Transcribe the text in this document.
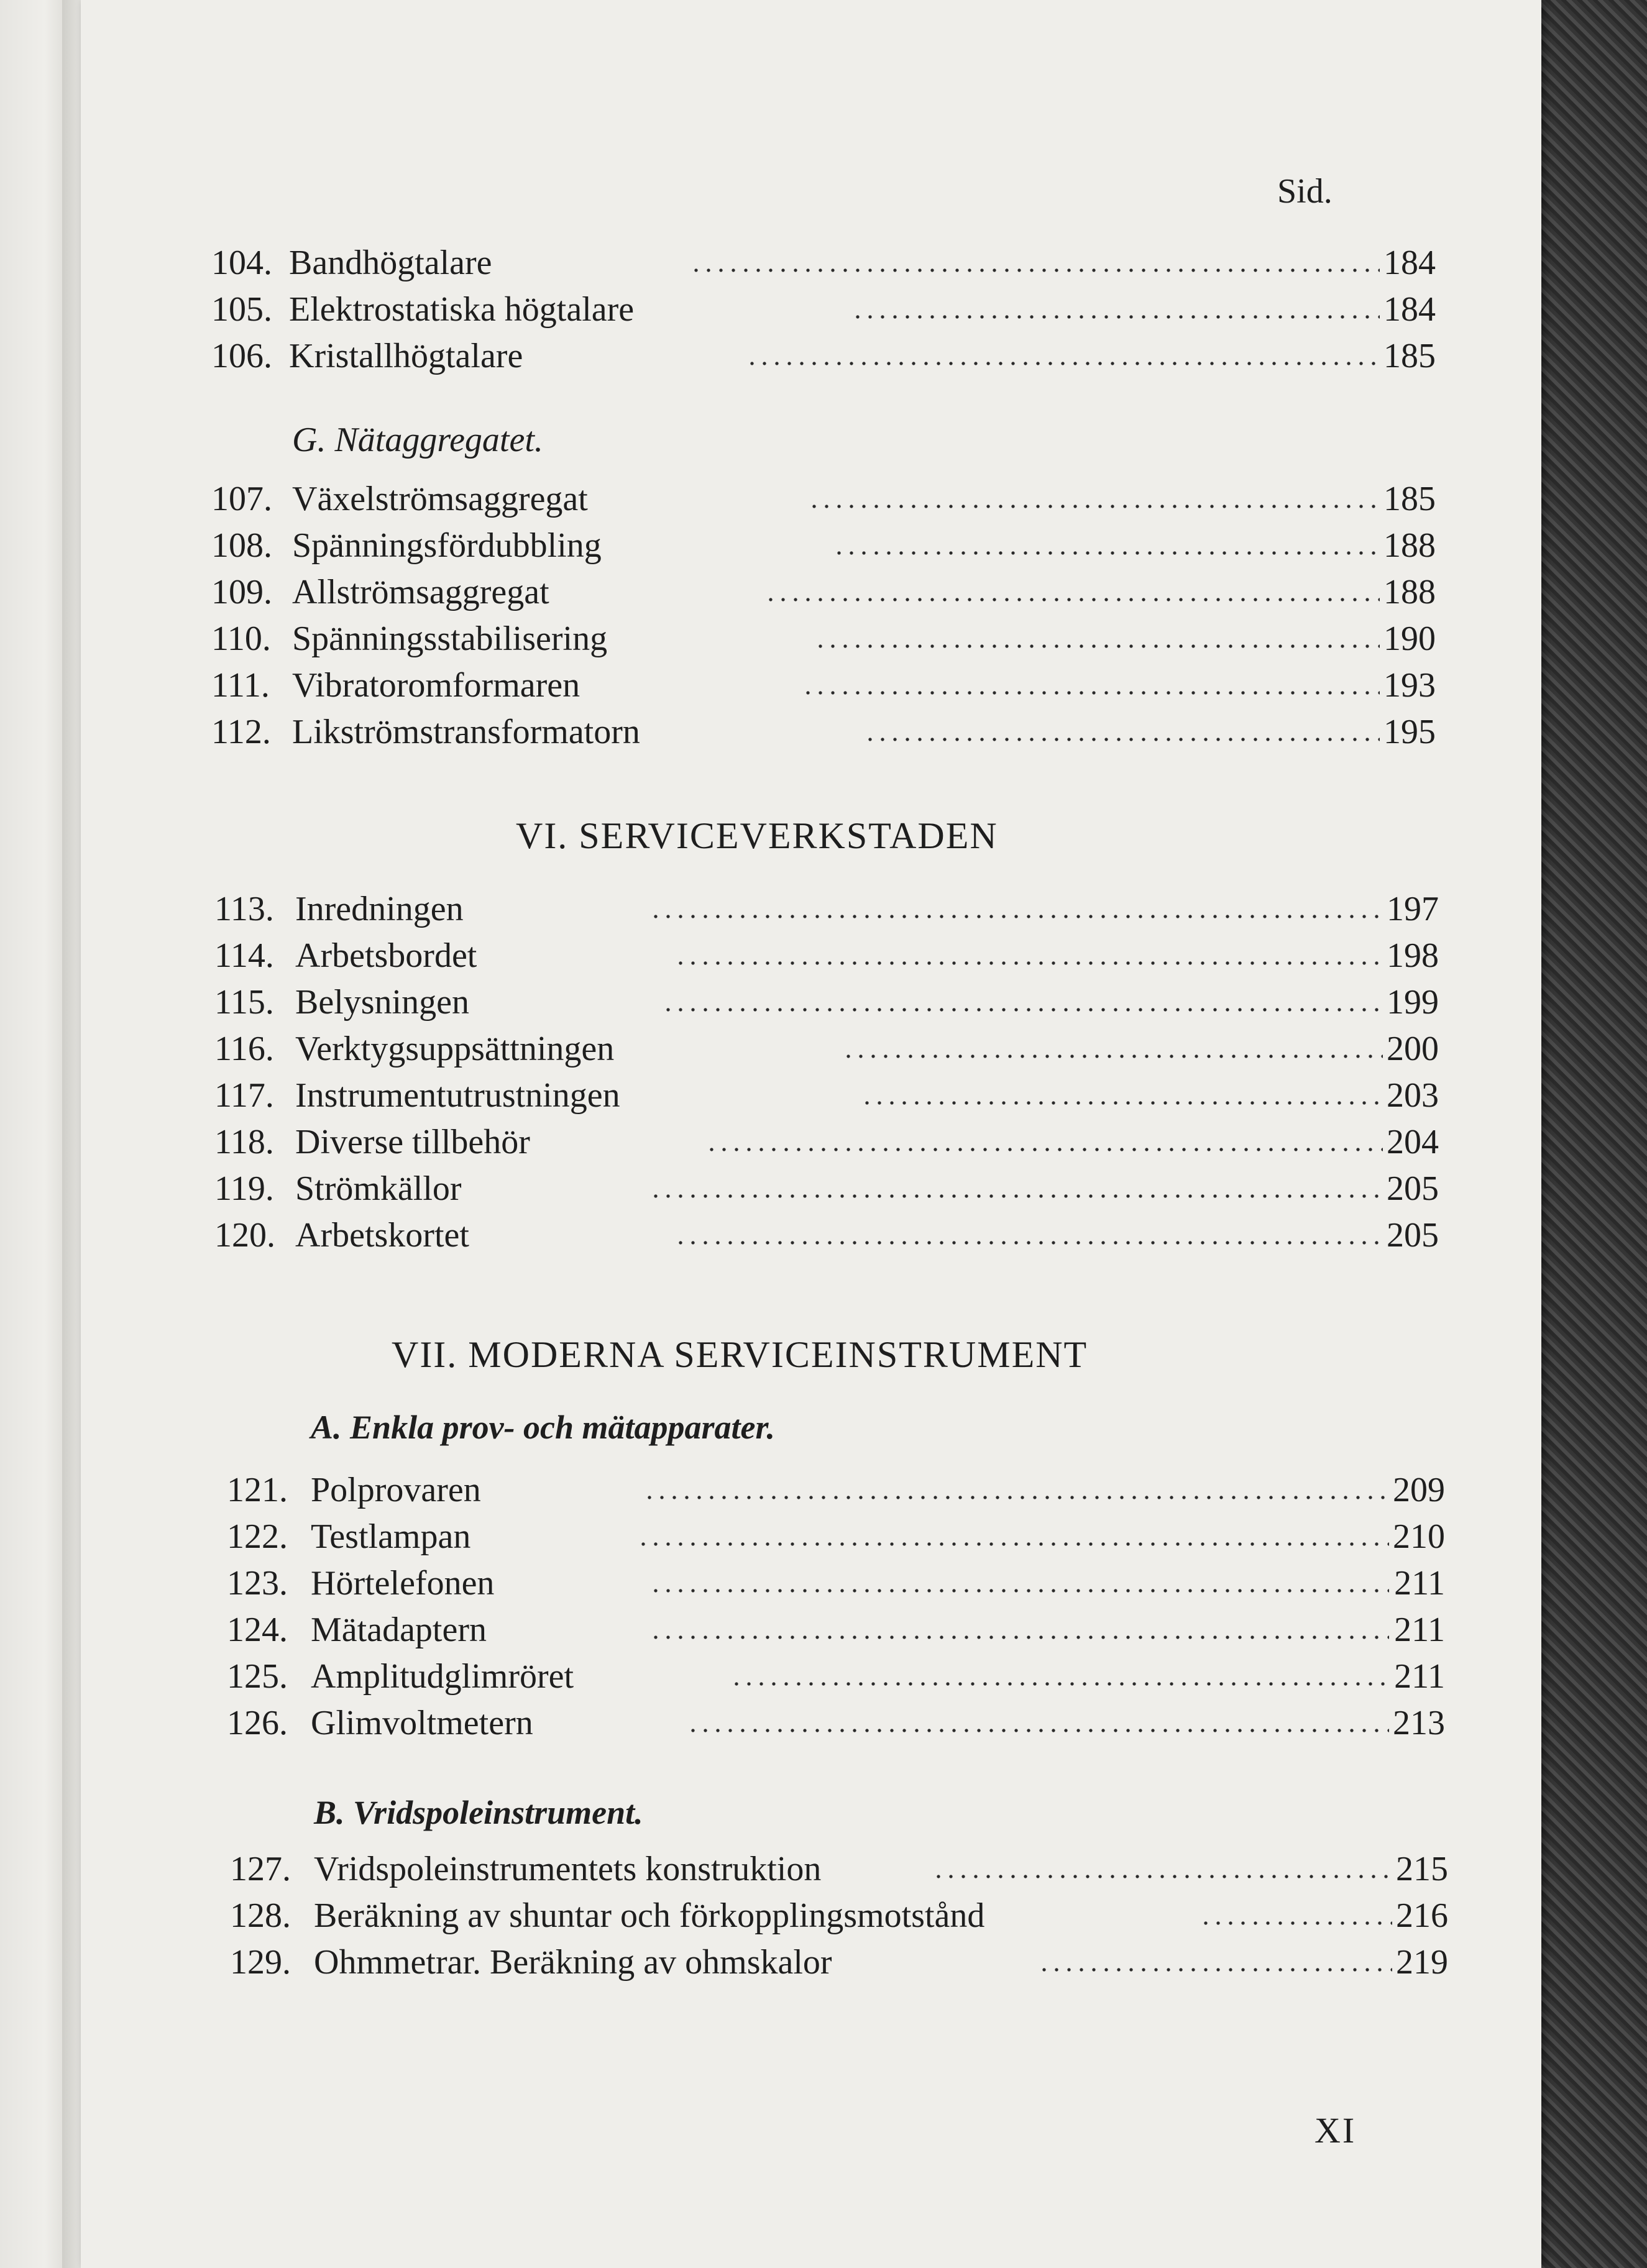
Sid.
104. Bandhögtalare	184
105. Elektrostatiska högtalare	184
106. Kristallhögtalare	185
G. Nätaggregatet.
107. Växelströmsaggregat	185
108. Spänningsfördubbling	188
109. Allströmsaggregat	188
110. Spänningsstabilisering	190
111. Vibratoromformaren	193
112. Likströmstransformatorn	195
VI. SERVICEVERKSTADEN
113. Inredningen	197
114. Arbetsbordet	198
115. Belysningen	199
116. Verktygsuppsättningen	200
117. Instrumentutrustningen	203
118. Diverse tillbehör	204
119. Strömkällor	205
120. Arbetskortet	205
VII. MODERNA SERVICEINSTRUMENT
A. Enkla prov- och mätapparater.
121. Polprovaren	209
122. Testlampan	210
123. Hörtelefonen	211
124. Mätadaptern	211
125. Amplitudglimröret	211
126. Glimvoltmetern	213
B. Vridspoleinstrument.
127. Vridspoleinstrumentets konstruktion	215
128. Beräkning av shuntar och förkopplingsmotstånd	216
129. Ohmmetrar. Beräkning av ohmskalor	219
XI
